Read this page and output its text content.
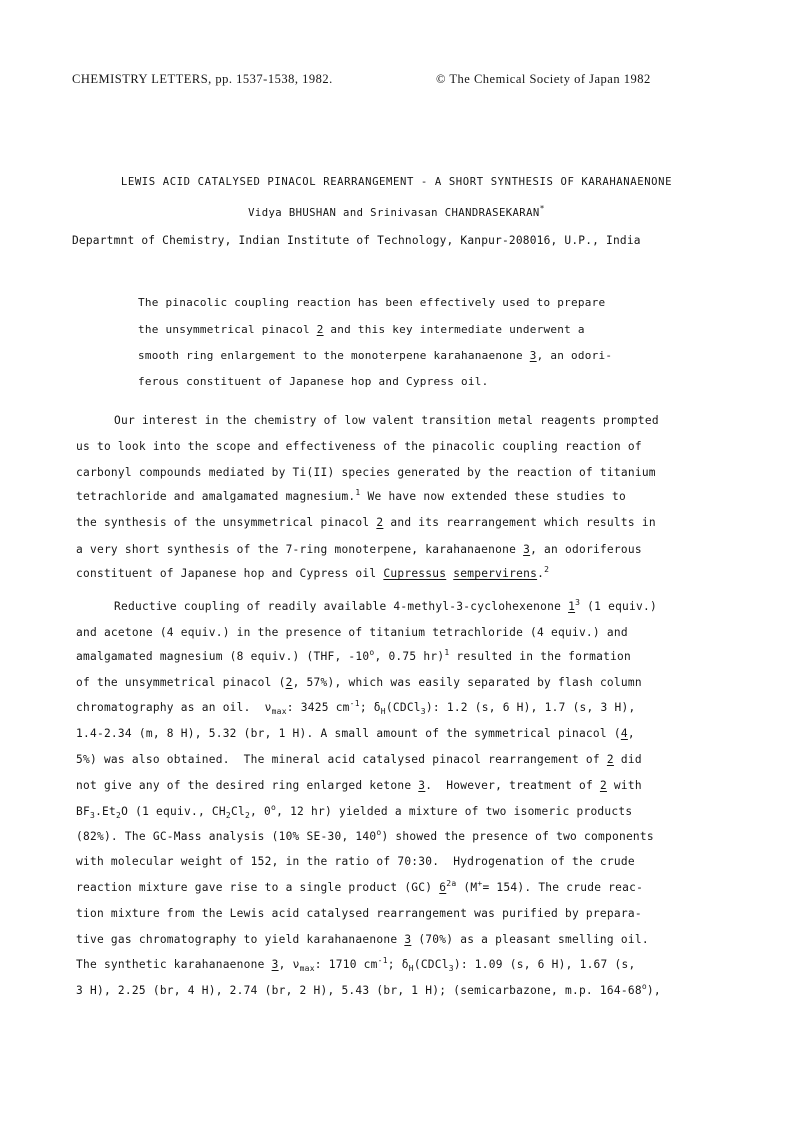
CHEMISTRY LETTERS, pp. 1537-1538, 1982.	© The Chemical Society of Japan 1982
LEWIS ACID CATALYSED PINACOL REARRANGEMENT - A SHORT SYNTHESIS OF KARAHANAENONE
Vidya BHUSHAN and Srinivasan CHANDRASEKARAN*
Departmnt of Chemistry, Indian Institute of Technology, Kanpur-208016, U.P., India
The pinacolic coupling reaction has been effectively used to prepare
the unsymmetrical pinacol 2 and this key intermediate underwent a
smooth ring enlargement to the monoterpene karahanaenone 3, an odori-
ferous constituent of Japanese hop and Cypress oil.
Our interest in the chemistry of low valent transition metal reagents prompted
us to look into the scope and effectiveness of the pinacolic coupling reaction of
carbonyl compounds mediated by Ti(II) species generated by the reaction of titanium
tetrachloride and amalgamated magnesium.$^1$ We have now extended these studies to
the synthesis of the unsymmetrical pinacol 2 and its rearrangement which results in
a very short synthesis of the 7-ring monoterpene, karahanaenone 3, an odoriferous
constituent of Japanese hop and Cypress oil Cupressus sempervirens.$^2$
Reductive coupling of readily available 4-methyl-3-cyclohexenone $1^3$ (1 equiv.)
and acetone (4 equiv.) in the presence of titanium tetrachloride (4 equiv.) and
amalgamated magnesium (8 equiv.) (THF, -10$^o$, 0.75 hr)$^1$ resulted in the formation
of the unsymmetrical pinacol (2, 57%), which was easily separated by flash column
chromatography as an oil.  $\nu_{max}$: 3425 $cm^{-1}$; $\delta_H(CDCl_3)$: 1.2 (s, 6 H), 1.7 (s, 3 H),
1.4-2.34 (m, 8 H), 5.32 (br, 1 H). A small amount of the symmetrical pinacol (4,
5%) was also obtained.  The mineral acid catalysed pinacol rearrangement of 2 did
not give any of the desired ring enlarged ketone 3.  However, treatment of 2 with
$BF_3.Et_2O$ (1 equiv., $CH_2Cl_2$, 0$^o$, 12 hr) yielded a mixture of two isomeric products
(82%). The GC-Mass analysis (10% SE-30, 140$^o$) showed the presence of two components
with molecular weight of 152, in the ratio of 70:30.  Hydrogenation of the crude
reaction mixture gave rise to a single product (GC) $6^{2a}$ (M+= 154). The crude reac-
tion mixture from the Lewis acid catalysed rearrangement was purified by prepara-
tive gas chromatography to yield karahanaenone 3 (70%) as a pleasant smelling oil.
The synthetic karahanaenone 3, $\nu_{max}$: 1710 $cm^{-1}$; $\delta_H(CDCl_3)$: 1.09 (s, 6 H), 1.67 (s,
3 H), 2.25 (br, 4 H), 2.74 (br, 2 H), 5.43 (br, 1 H); (semicarbazone, m.p. 164-68$^o$),
